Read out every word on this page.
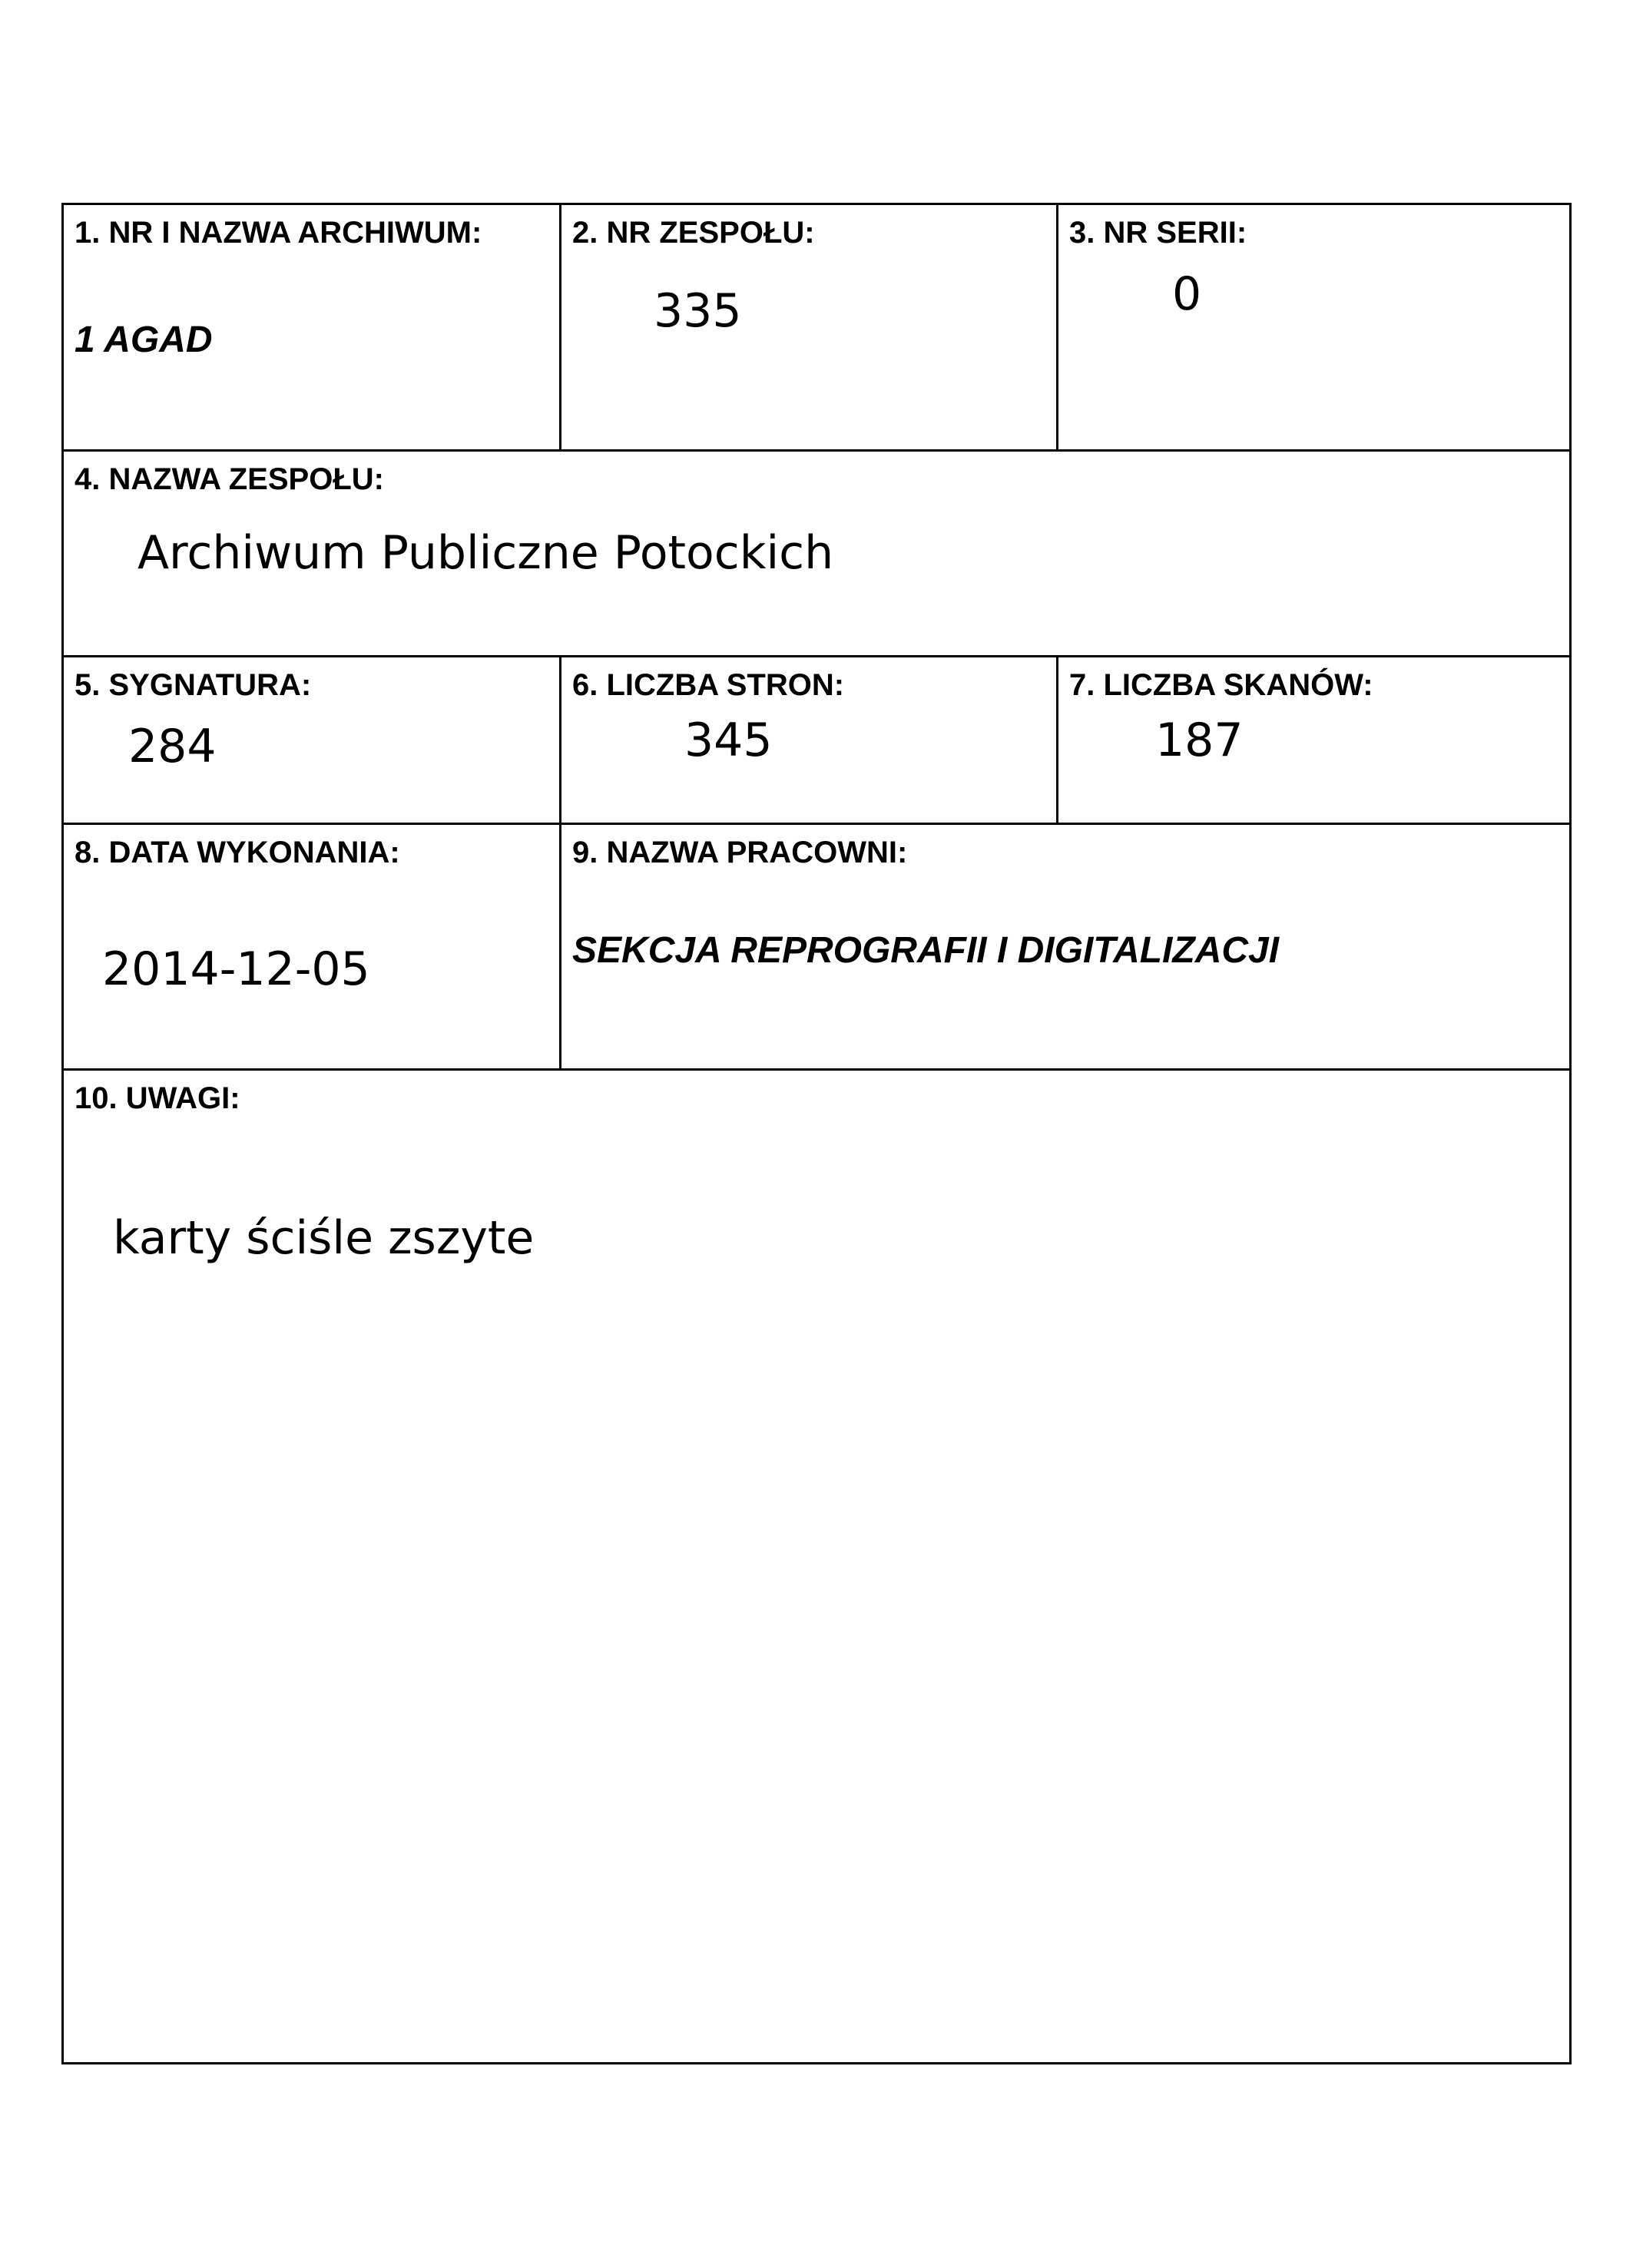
1. NR I NAZWA ARCHIWUM:
1 AGAD
2. NR ZESPOŁU:
335
3. NR SERII:
0
4. NAZWA ZESPOŁU:
Archiwum Publiczne Potockich
5. SYGNATURA:
284
6. LICZBA STRON:
345
7. LICZBA SKANÓW:
187
8. DATA WYKONANIA:
2014-12-05
9. NAZWA PRACOWNI:
SEKCJA REPROGRAFII I DIGITALIZACJI
10. UWAGI:
karty ściśle zszyte
